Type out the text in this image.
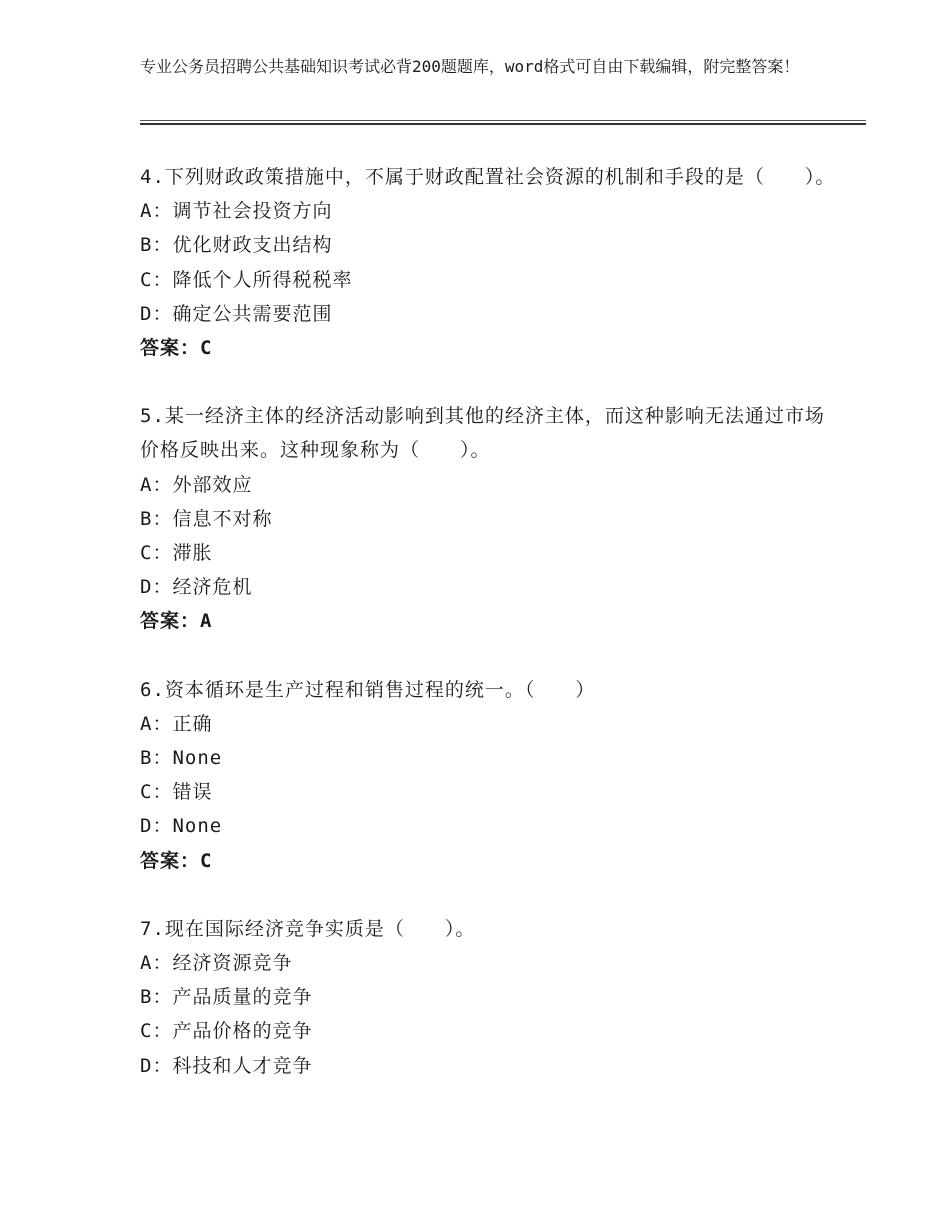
专业公务员招聘公共基础知识考试必背200题题库，word格式可自由下载编辑，附完整答案！

4.下列财政政策措施中，不属于财政配置社会资源的机制和手段的是（　　）。

A：调节社会投资方向

B：优化财政支出结构

C：降低个人所得税税率

D：确定公共需要范围

答案：C

5.某一经济主体的经济活动影响到其他的经济主体，而这种影响无法通过市场价格反映出来。这种现象称为（　　）。

A：外部效应

B：信息不对称

C：滞胀

D：经济危机

答案：A

6.资本循环是生产过程和销售过程的统一。（　　）

A：正确

B：None

C：错误

D：None

答案：C

7.现在国际经济竞争实质是（　　）。

A：经济资源竞争

B：产品质量的竞争

C：产品价格的竞争

D：科技和人才竞争
